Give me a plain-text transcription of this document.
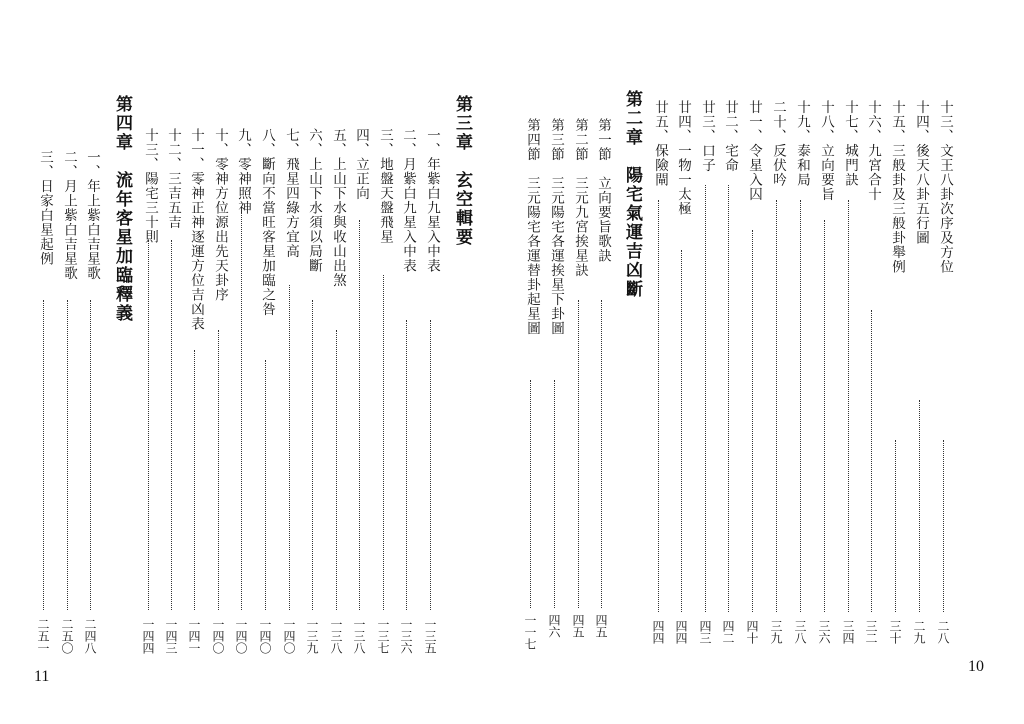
十三、文王八卦次序及方位
二八
十四、後天八卦五行圖
二九
十五、三般卦及三般卦舉例
三十
十六、九宮合十
三二
十七、城門訣
三四
十八、立向要旨
三六
十九、泰和局
三八
二十、反伏吟
三九
廿一、令星入囚
四十
廿二、宅命
四二
廿三、口子
四三
廿四、一物一太極
四四
廿五、保險閘
四四
第二章　陽宅氣運吉凶斷
第一節　立向要旨歌訣
四五
第二節　三元九宮挨星訣
四五
第三節　三元陽宅各運挨星下卦圖
四六
第四節　三元陽宅各運替卦起星圖
一一七
10
第三章　玄空輯要
一、年紫白九星入中表
一三五
二、月紫白九星入中表
一三六
三、地盤天盤飛星
一三七
四、立正向
一三八
五、上山下水與收山出煞
一三八
六、上山下水須以局斷
一三九
七、飛星四綠方宜高
一四〇
八、斷向不當旺客星加臨之咎
一四〇
九、零神照神
一四〇
十、零神方位源出先天卦序
一四〇
十一、零神正神逐運方位吉凶表
一四一
十二、三吉五吉
一四三
十三、陽宅三十則
一四四
第四章　流年客星加臨釋義
一、年上紫白吉星歌
二四八
二、月上紫白吉星歌
二五〇
三、日家白星起例
二五一
11
